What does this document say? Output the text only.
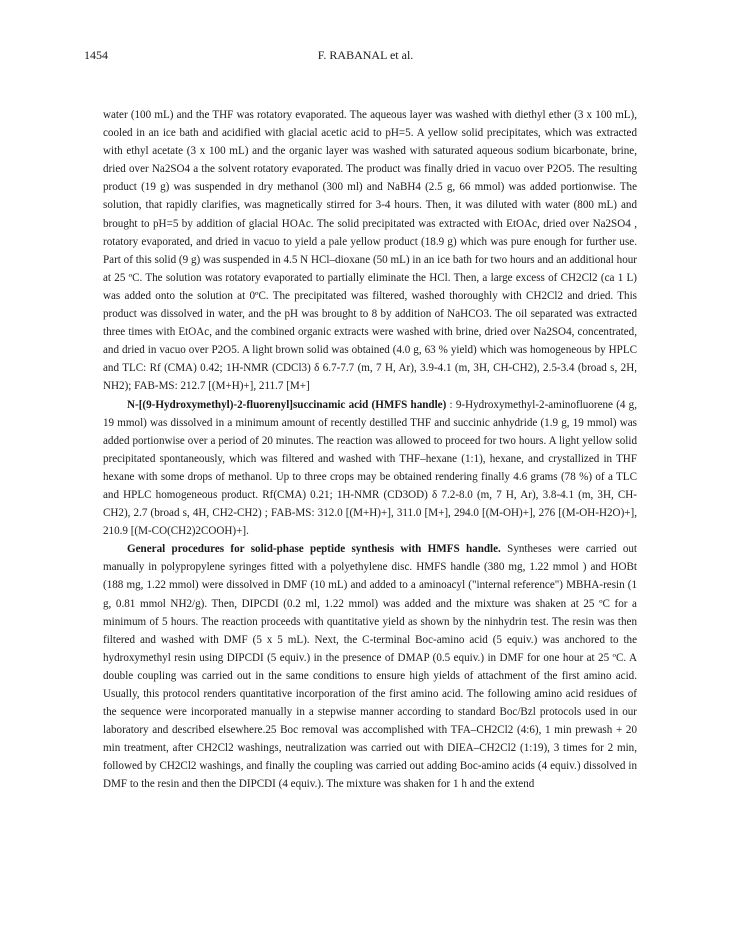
1454	F. RABANAL et al.

water (100 mL) and the THF was rotatory evaporated. The aqueous layer was washed with diethyl ether (3 x 100 mL), cooled in an ice bath and acidified with glacial acetic acid to pH=5. A yellow solid precipitates, which was extracted with ethyl acetate (3 x 100 mL) and the organic layer was washed with saturated aqueous sodium bicarbonate, brine, dried over Na2SO4 a the solvent rotatory evaporated. The product was finally dried in vacuo over P2O5. The resulting product (19 g) was suspended in dry methanol (300 ml) and NaBH4 (2.5 g, 66 mmol) was added portionwise. The solution, that rapidly clarifies, was magnetically stirred for 3-4 hours. Then, it was diluted with water (800 mL) and brought to pH=5 by addition of glacial HOAc. The solid precipitated was extracted with EtOAc, dried over Na2SO4 , rotatory evaporated, and dried in vacuo to yield a pale yellow product (18.9 g) which was pure enough for further use. Part of this solid (9 g) was suspended in 4.5 N HCl–dioxane (50 mL) in an ice bath for two hours and an additional hour at 25 ºC. The solution was rotatory evaporated to partially eliminate the HCl. Then, a large excess of CH2Cl2 (ca 1 L) was added onto the solution at 0ºC. The precipitated was filtered, washed thoroughly with CH2Cl2 and dried. This product was dissolved in water, and the pH was brought to 8 by addition of NaHCO3. The oil separated was extracted three times with EtOAc, and the combined organic extracts were washed with brine, dried over Na2SO4, concentrated, and dried in vacuo over P2O5. A light brown solid was obtained (4.0 g, 63 % yield) which was homogeneous by HPLC and TLC: Rf (CMA) 0.42; 1H-NMR (CDCl3) δ 6.7-7.7 (m, 7 H, Ar), 3.9-4.1 (m, 3H, CH-CH2), 2.5-3.4 (broad s, 2H, NH2); FAB-MS: 212.7 [(M+H)+], 211.7 [M+]

N-[(9-Hydroxymethyl)-2-fluorenyl]succinamic acid (HMFS handle) : 9-Hydroxymethyl-2-aminofluorene (4 g, 19 mmol) was dissolved in a minimum amount of recently destilled THF and succinic anhydride (1.9 g, 19 mmol) was added portionwise over a period of 20 minutes. The reaction was allowed to proceed for two hours. A light yellow solid precipitated spontaneously, which was filtered and washed with THF–hexane (1:1), hexane, and crystallized in THF hexane with some drops of methanol. Up to three crops may be obtained rendering finally 4.6 grams (78 %) of a TLC and HPLC homogeneous product. Rf(CMA) 0.21; 1H-NMR (CD3OD) δ 7.2-8.0 (m, 7 H, Ar), 3.8-4.1 (m, 3H, CH-CH2), 2.7 (broad s, 4H, CH2-CH2) ; FAB-MS: 312.0 [(M+H)+], 311.0 [M+], 294.0 [(M-OH)+], 276 [(M-OH-H2O)+], 210.9 [(M-CO(CH2)2COOH)+].

General procedures for solid-phase peptide synthesis with HMFS handle. Syntheses were carried out manually in polypropylene syringes fitted with a polyethylene disc. HMFS handle (380 mg, 1.22 mmol ) and HOBt (188 mg, 1.22 mmol) were dissolved in DMF (10 mL) and added to a aminoacyl ("internal reference") MBHA-resin (1 g, 0.81 mmol NH2/g). Then, DIPCDI (0.2 ml, 1.22 mmol) was added and the mixture was shaken at 25 ºC for a minimum of 5 hours. The reaction proceeds with quantitative yield as shown by the ninhydrin test. The resin was then filtered and washed with DMF (5 x 5 mL). Next, the C-terminal Boc-amino acid (5 equiv.) was anchored to the hydroxymethyl resin using DIPCDI (5 equiv.) in the presence of DMAP (0.5 equiv.) in DMF for one hour at 25 ºC. A double coupling was carried out in the same conditions to ensure high yields of attachment of the first amino acid. Usually, this protocol renders quantitative incorporation of the first amino acid. The following amino acid residues of the sequence were incorporated manually in a stepwise manner according to standard Boc/Bzl protocols used in our laboratory and described elsewhere.25 Boc removal was accomplished with TFA–CH2Cl2 (4:6), 1 min prewash + 20 min treatment, after CH2Cl2 washings, neutralization was carried out with DIEA–CH2Cl2 (1:19), 3 times for 2 min, followed by CH2Cl2 washings, and finally the coupling was carried out adding Boc-amino acids (4 equiv.) dissolved in DMF to the resin and then the DIPCDI (4 equiv.). The mixture was shaken for 1 h and the extend
